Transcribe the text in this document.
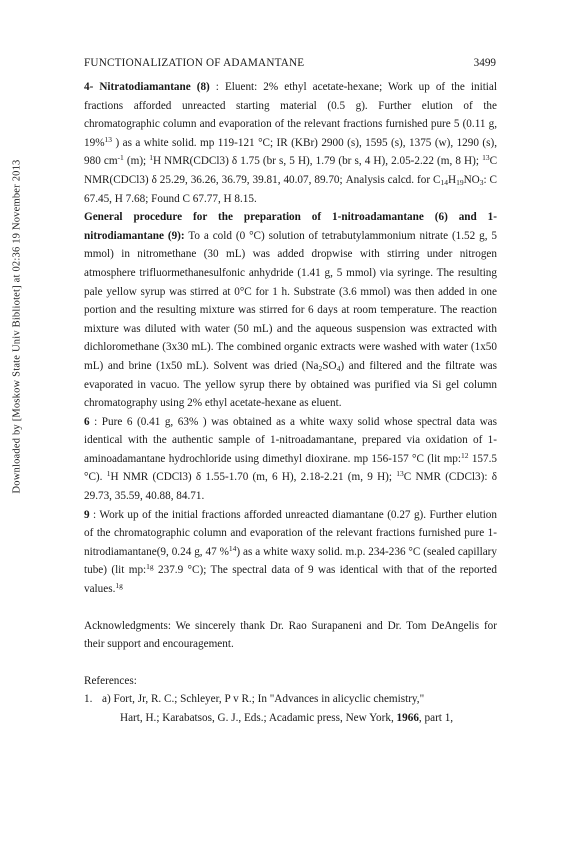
Downloaded by [Moskow State Univ Bibliotet] at 02:36 19 November 2013
FUNCTIONALIZATION OF ADAMANTANE	3499

4- Nitratodiamantane (8) : Eluent: 2% ethyl acetate-hexane; Work up of the initial fractions afforded unreacted starting material (0.5 g). Further elution of the chromatographic column and evaporation of the relevant fractions furnished pure 5 (0.11 g, 19%$^{13}$ ) as a white solid. mp 119-121 °C; IR (KBr) 2900 (s), 1595 (s), 1375 (w), 1290 (s), 980 $cm^{-1}$ (m); $^1$H NMR(CDCl3) δ 1.75 (br s, 5 H), 1.79 (br s, 4 H), 2.05-2.22 (m, 8 H); $^{13}$C NMR(CDCl3) δ 25.29, 36.26, 36.79, 39.81, 40.07, 89.70; Analysis calcd. for $C_{14}H_{19}NO_3$: C 67.45, H 7.68; Found C 67.77, H 8.15.

General procedure for the preparation of 1-nitroadamantane (6) and 1-nitrodiamantane (9): To a cold (0 °C) solution of tetrabutylammonium nitrate (1.52 g, 5 mmol) in nitromethane (30 mL) was added dropwise with stirring under nitrogen atmosphere trifluormethanesulfonic anhydride (1.41 g, 5 mmol) via syringe. The resulting pale yellow syrup was stirred at 0°C for 1 h. Substrate (3.6 mmol) was then added in one portion and the resulting mixture was stirred for 6 days at room temperature. The reaction mixture was diluted with water (50 mL) and the aqueous suspension was extracted with dichloromethane (3x30 mL). The combined organic extracts were washed with water (1x50 mL) and brine (1x50 mL). Solvent was dried $(Na_2SO_4)$ and filtered and the filtrate was evaporated in vacuo. The yellow syrup there by obtained was purified via Si gel column chromatography using 2% ethyl acetate-hexane as eluent.

6 : Pure 6 (0.41 g, 63% ) was obtained as a white waxy solid whose spectral data was identical with the authentic sample of 1-nitroadamantane, prepared via oxidation of 1- aminoadamantane hydrochloride using dimethyl dioxirane. mp 156-157 °C (lit mp:$^{12}$ 157.5 °C). $^1$H NMR (CDCl3) δ 1.55-1.70 (m, 6 H), 2.18-2.21 (m, 9 H); $^{13}$C NMR (CDCl3): δ 29.73, 35.59, 40.88, 84.71.

9 : Work up of the initial fractions afforded unreacted diamantane (0.27 g). Further elution of the chromatographic column and evaporation of the relevant fractions furnished pure 1-nitrodiamantane(9, 0.24 g, 47 %$^{14}$) as a white waxy solid. m.p. 234-236 °C (sealed capillary tube) (lit mp:$^{1g}$ 237.9 °C); The spectral data of 9 was identical with that of the reported values.$^{1g}$

Acknowledgments: We sincerely thank Dr. Rao Surapaneni and Dr. Tom DeAngelis for their support and encouragement.

References:

1. a) Fort, Jr, R. C.; Schleyer, P v R.; In "Advances in alicyclic chemistry,"
Hart, H.; Karabatsos, G. J., Eds.; Acadamic press, New York, 1966, part 1,
